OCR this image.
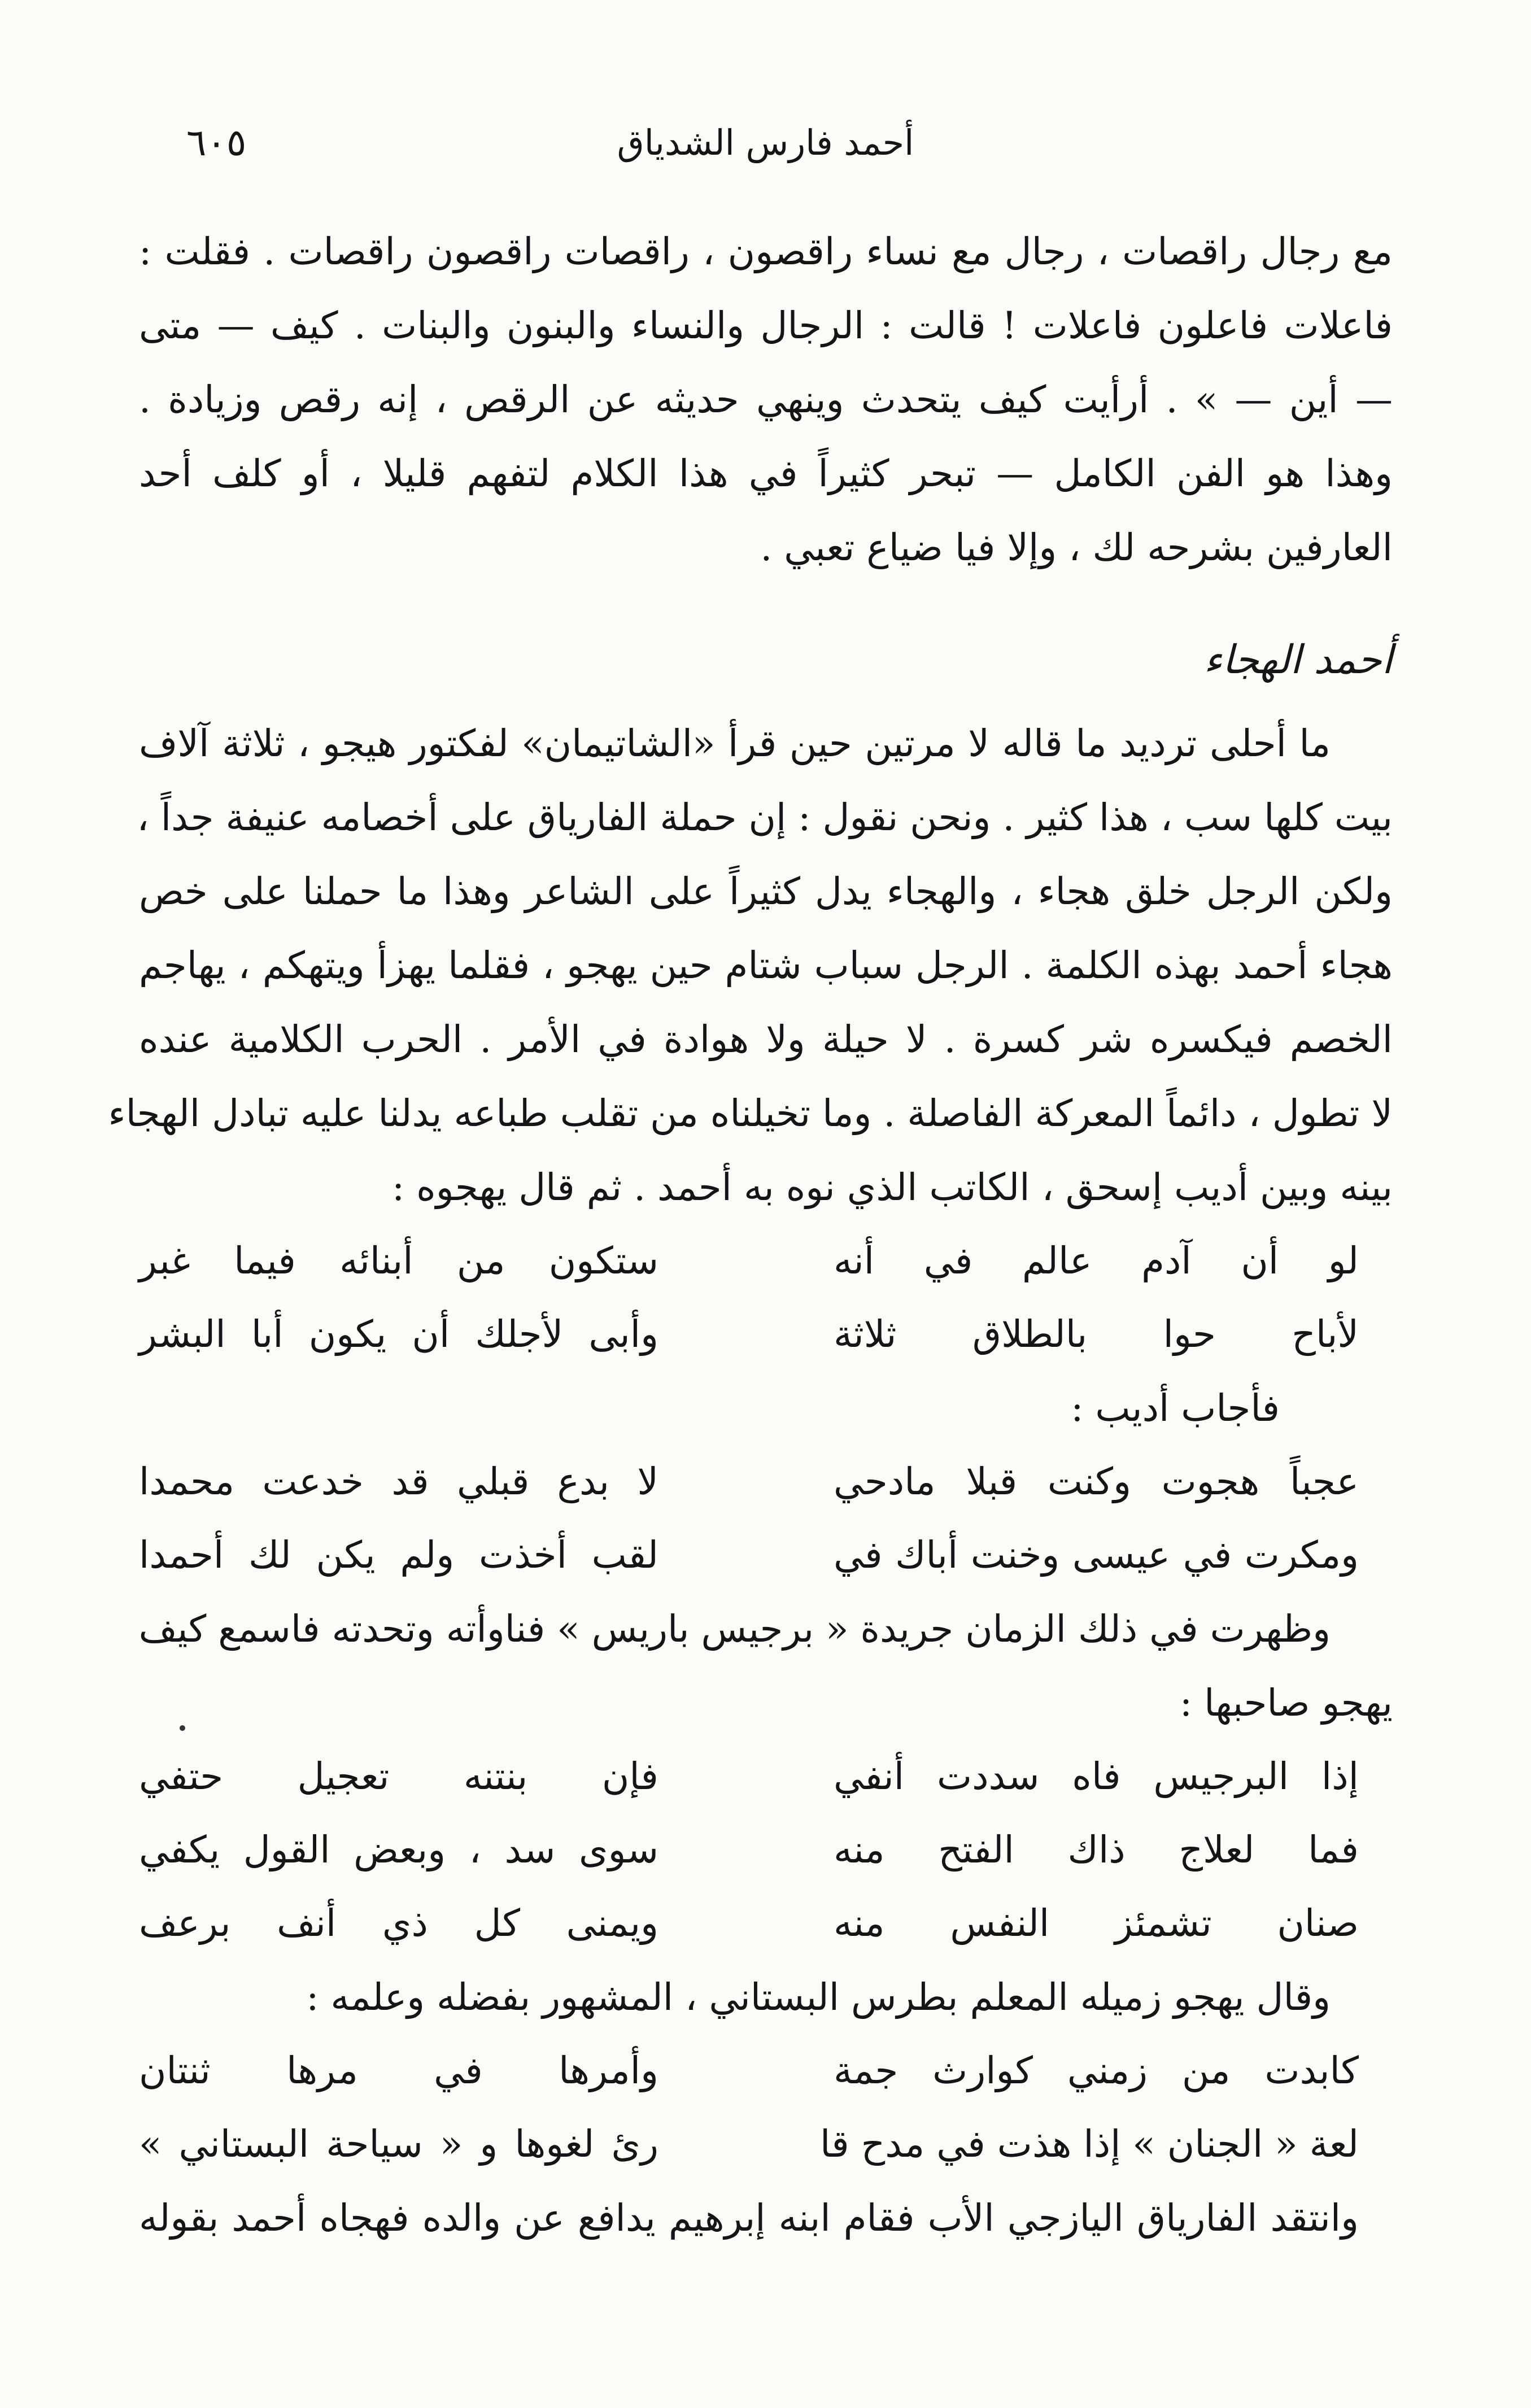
أحمد فارس الشدياق
٦٠٥
مع رجال راقصات ، رجال مع نساء راقصون ، راقصات راقصون راقصات . فقلت :
فاعلات فاعلون فاعلات ! قالت : الرجال والنساء والبنون والبنات . كيف — متى
— أين — » . أرأيت كيف يتحدث وينهي حديثه عن الرقص ، إنه رقص وزيادة .
وهذا هو الفن الكامل — تبحر كثيراً في هذا الكلام لتفهم قليلا ، أو كلف أحد
العارفين بشرحه لك ، وإلا فيا ضياع تعبي .
أحمد الهجاء
ما أحلى ترديد ما قاله لا مرتين حين قرأ «الشاتيمان» لفكتور هيجو ، ثلاثة آلاف
بيت كلها سب ، هذا كثير . ونحن نقول : إن حملة الفارياق على أخصامه عنيفة جداً ،
ولكن الرجل خلق هجاء ، والهجاء يدل كثيراً على الشاعر وهذا ما حملنا على خص
هجاء أحمد بهذه الكلمة . الرجل سباب شتام حين يهجو ، فقلما يهزأ ويتهكم ، يهاجم
الخصم فيكسره شر كسرة . لا حيلة ولا هوادة في الأمر . الحرب الكلامية عنده
لا تطول ، دائماً المعركة الفاصلة . وما تخيلناه من تقلب طباعه يدلنا عليه تبادل الهجاء
بينه وبين أديب إسحق ، الكاتب الذي نوه به أحمد . ثم قال يهجوه :
لو أن آدم عالم في أنه
ستكون من أبنائه فيما غبر
لأباح حوا بالطلاق ثلاثة
وأبى لأجلك أن يكون أبا البشر
فأجاب أديب :
عجباً هجوت وكنت قبلا مادحي
لا بدع قبلي قد خدعت محمدا
ومكرت في عيسى وخنت أباك في
لقب أخذت ولم يكن لك أحمدا
وظهرت في ذلك الزمان جريدة « برجيس باريس » فناوأته وتحدته فاسمع كيف
يهجو صاحبها :
إذا البرجيس فاه سددت أنفي
فإن بنتنه تعجيل حتفي
فما لعلاج ذاك الفتح منه
سوى سد ، وبعض القول يكفي
صنان تشمئز النفس منه
ويمنى كل ذي أنف برعف
وقال يهجو زميله المعلم بطرس البستاني ، المشهور بفضله وعلمه :
كابدت من زمني كوارث جمة
وأمرها في مرها ثنتان
لعة « الجنان » إذا هذت في مدح قا
رئ لغوها و « سياحة البستاني »
وانتقد الفارياق اليازجي الأب فقام ابنه إبرهيم يدافع عن والده فهجاه أحمد بقوله
